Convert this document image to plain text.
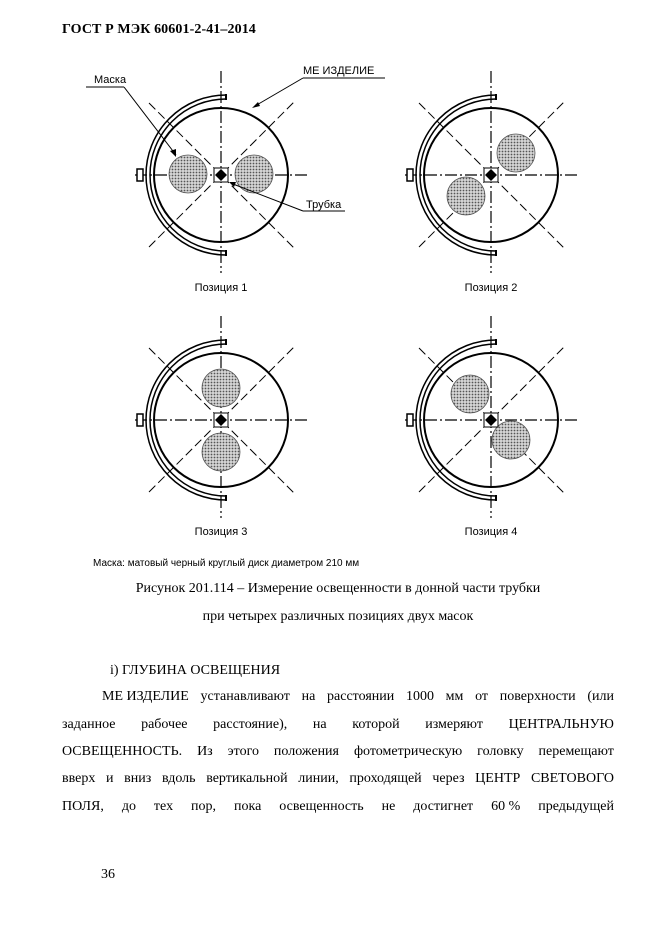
ГОСТ Р МЭК 60601-2-41–2014
Маска
МЕ ИЗДЕЛИЕ
Трубка
Позиция 1	Позиция 2
Позиция 3	Позиция 4
Маска: матовый черный круглый диск диаметром 210 мм
Рисунок 201.114 – Измерение освещенности в донной части трубки
при четырех различных позициях двух масок
i) ГЛУБИНА ОСВЕЩЕНИЯ
МЕ ИЗДЕЛИЕ устанавливают на расстоянии 1000 мм от поверхности (или
заданное рабочее расстояние), на которой измеряют ЦЕНТРАЛЬНУЮ
ОСВЕЩЕННОСТЬ. Из этого положения фотометрическую головку перемещают
вверх и вниз вдоль вертикальной линии, проходящей через ЦЕНТР СВЕТОВОГО
ПОЛЯ, до тех пор, пока освещенность не достигнет 60 % предыдущей
36
